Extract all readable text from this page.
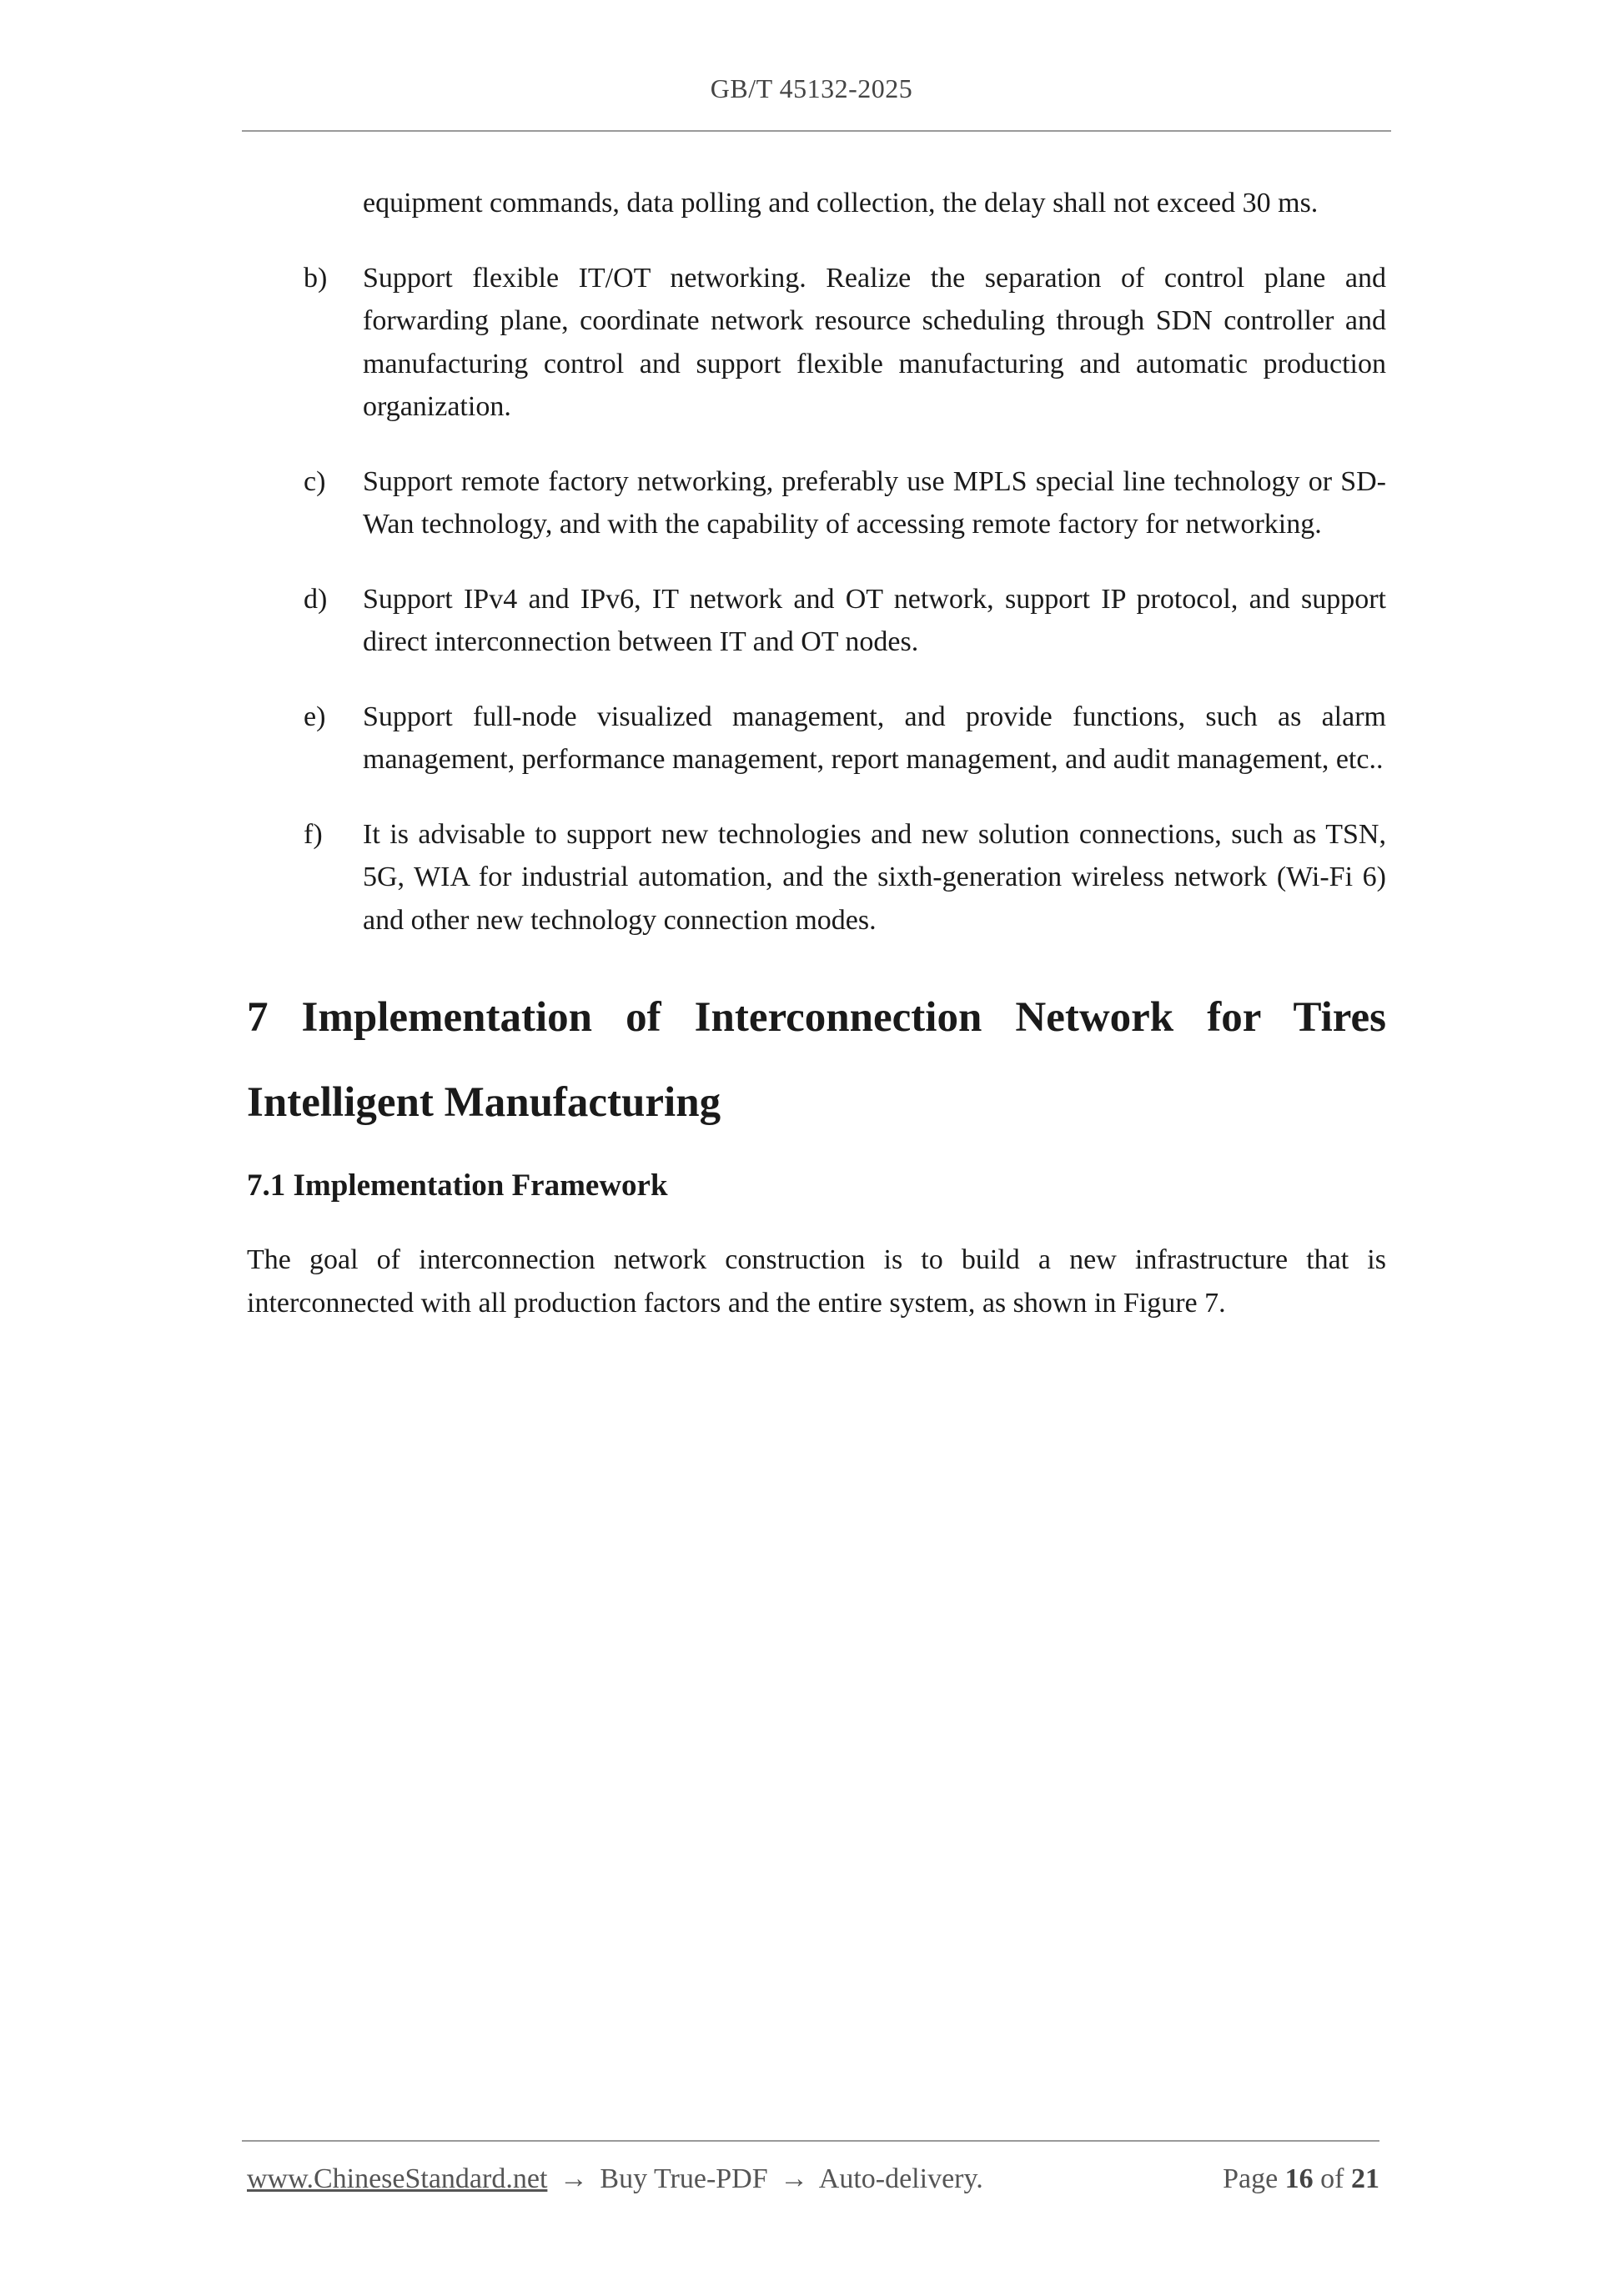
GB/T 45132-2025

equipment commands, data polling and collection, the delay shall not exceed 30 ms.

b)	Support flexible IT/OT networking. Realize the separation of control plane and forwarding plane, coordinate network resource scheduling through SDN controller and manufacturing control and support flexible manufacturing and automatic production organization.
c)	Support remote factory networking, preferably use MPLS special line technology or SD-Wan technology, and with the capability of accessing remote factory for networking.
d)	Support IPv4 and IPv6, IT network and OT network, support IP protocol, and support direct interconnection between IT and OT nodes.
e)	Support full-node visualized management, and provide functions, such as alarm management, performance management, report management, and audit management, etc..
f)	It is advisable to support new technologies and new solution connections, such as TSN, 5G, WIA for industrial automation, and the sixth-generation wireless network (Wi-Fi 6) and other new technology connection modes.
7 Implementation of Interconnection Network for Tires
Intelligent Manufacturing
7.1 Implementation Framework

The goal of interconnection network construction is to build a new infrastructure that is interconnected with all production factors and the entire system, as shown in Figure 7.

www.ChineseStandard.net → Buy True-PDF → Auto-delivery.	Page 16 of 21
